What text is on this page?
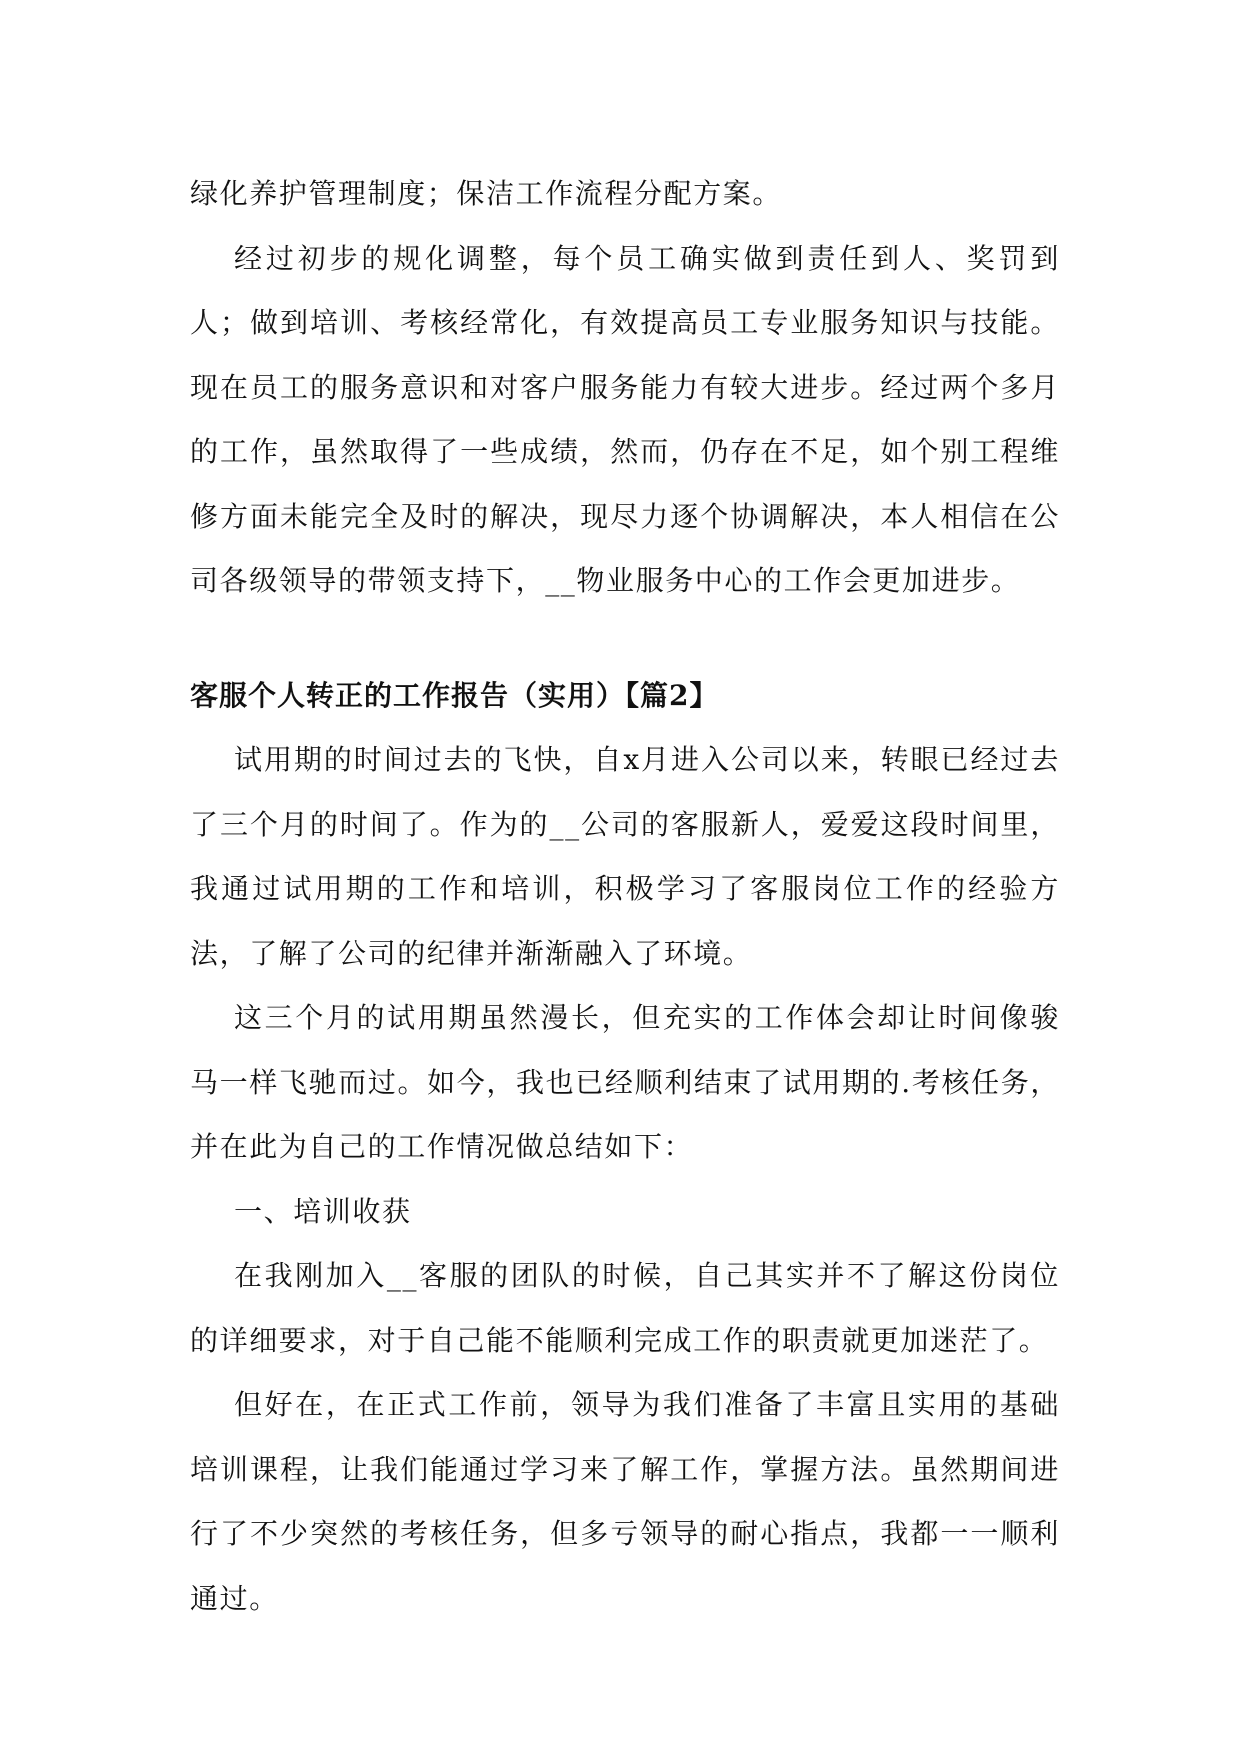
绿化养护管理制度；保洁工作流程分配方案。

经过初步的规化调整，每个员工确实做到责任到人、奖罚到人；做到培训、考核经常化，有效提高员工专业服务知识与技能。现在员工的服务意识和对客户服务能力有较大进步。经过两个多月的工作，虽然取得了一些成绩，然而，仍存在不足，如个别工程维修方面未能完全及时的解决，现尽力逐个协调解决，本人相信在公司各级领导的带领支持下，__物业服务中心的工作会更加进步。

客服个人转正的工作报告（实用）【篇2】

试用期的时间过去的飞快，自x月进入公司以来，转眼已经过去了三个月的时间了。作为的__公司的客服新人，爱爱这段时间里，我通过试用期的工作和培训，积极学习了客服岗位工作的经验方法，了解了公司的纪律并渐渐融入了环境。

这三个月的试用期虽然漫长，但充实的工作体会却让时间像骏马一样飞驰而过。如今，我也已经顺利结束了试用期的.考核任务，并在此为自己的工作情况做总结如下：

一、培训收获

在我刚加入__客服的团队的时候，自己其实并不了解这份岗位的详细要求，对于自己能不能顺利完成工作的职责就更加迷茫了。

但好在，在正式工作前，领导为我们准备了丰富且实用的基础培训课程，让我们能通过学习来了解工作，掌握方法。虽然期间进行了不少突然的考核任务，但多亏领导的耐心指点，我都一一顺利通过。
